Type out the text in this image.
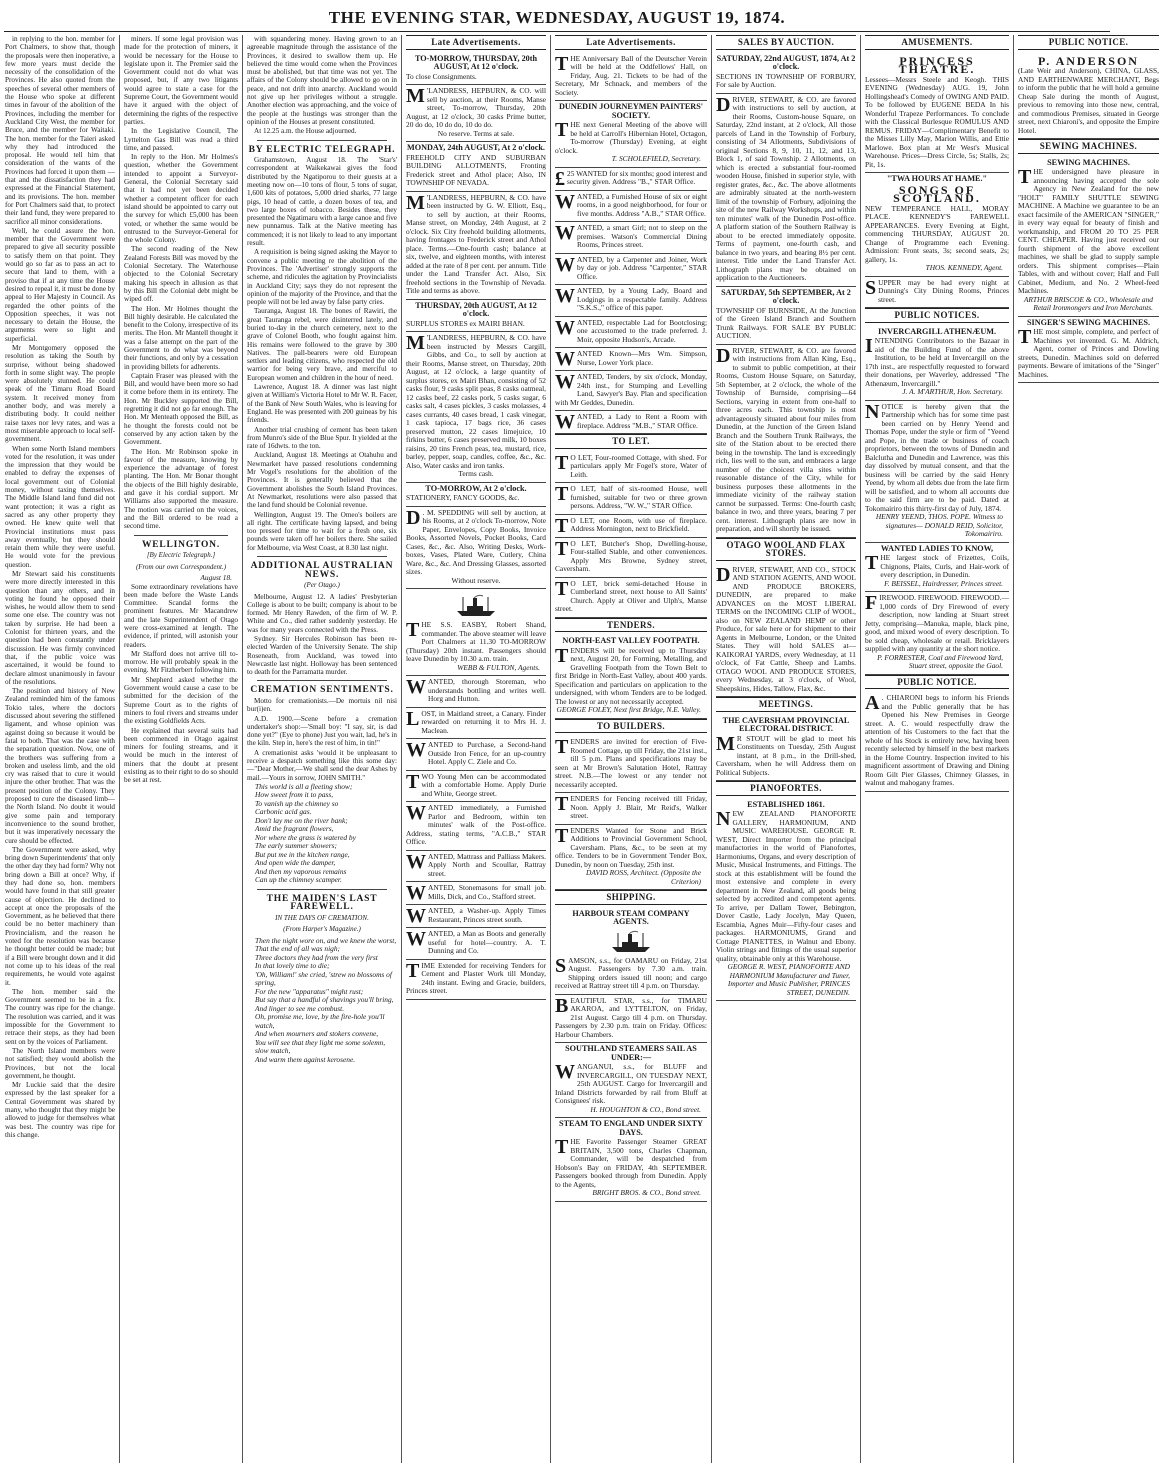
THE EVENING STAR, WEDNESDAY, AUGUST 19, 1874.

in replying to the hon. member for Port Chalmers, to show that, though the proposals were then inoperative, a few more years must decide the necessity of the consolidation of the Provinces. He also quoted from the speeches of several other members of the House who spoke at different times in favour of the abolition of the Provinces, including the member for Auckland City West, the member for Bruce, and the member for Waitaki. The hon. member for the Taieri asked why they had introduced the proposal. He would tell him that consideration of the wants of the Provinces had forced it upon them — that and the dissatisfaction they had expressed at the Financial Statement, and its provisions. The hon. member for Port Chalmers said that, to protect their land fund, they were prepared to sacrifice all minor considerations.

Well, he could assure the hon. member that the Government were prepared to give all security possible to satisfy them on that point. They would go so far as to pass an act to secure that land to them, with a proviso that if at any time the House desired to repeal it, it must be done by appeal to Her Majesty in Council. As regarded the other points of the Opposition speeches, it was not necessary to detain the House, the arguments were so light and superficial.

Mr Montgomery opposed the resolution as taking the South by surprise, without being shadowed forth in some slight way. The people were absolutely stunned. He could speak of the Timaru Road Board system. It received money from another body, and was merely a distributing body. It could neither raise taxes nor levy rates, and was a most miserable approach to local self-government.

When some North Island members voted for the resolution, it was under the impression that they would be enabled to defray the expenses of local government out of Colonial money, without taxing themselves. The Middle Island land fund did not want protection; it was a right as sacred as any other property they owned. He knew quite well that Provincial institutions must pass away eventually, but they should retain them while they were useful. He would vote for the previous question.

Mr Stewart said his constituents were more directly interested in this question than any others, and in voting he found he opposed their wishes, he would allow them to send some one else. The country was not taken by surprise. He had been a Colonist for thirteen years, and the question had been constantly under discussion. He was firmly convinced that, if the public voice was ascertained, it would be found to declare almost unanimously in favour of the resolutions.

The position and history of New Zealand reminded him of the famous Tokio tales, where the doctors discussed about severing the stiffened ligament, and whose opinion was against doing so because it would be fatal to both. That was the case with the separation question. Now, one of the brothers was suffering from a broken and useless limb, and the old cry was raised that to cure it would injure the other brother. That was the present position of the Colony. They proposed to cure the diseased limb—the North Island. No doubt it would give some pain and temporary inconvenience to the sound brother, but it was imperatively necessary the cure should be effected.

The Government were asked, why bring down Superintendents' that only the other day they had form? Why not bring down a Bill at once? Why, if they had done so, hon. members would have found in that still greater cause of objection. He declined to accept at once the proposals of the Government, as he believed that there could be no better machinery than Provincialism, and the reason he voted for the resolution was because he thought better could be made; but if a Bill were brought down and it did not come up to his ideas of the real requirements, he would vote against it.

The hon. member said the Government seemed to be in a fix. The country was ripe for the change. The resolution was carried, and it was impossible for the Government to retrace their steps, as they had been sent on by the voices of Parliament.

The North Island members were not satisfied; they would abolish the Provinces, but not the local government, he thought.

Mr Luckie said that the desire expressed by the last speaker for a Central Government was shared by many, who thought that they might be allowed to judge for themselves what was best. The country was ripe for this change.

miners. If some legal provision was made for the protection of miners, it would be necessary for the House to legislate upon it. The Premier said the Government could not do what was proposed, but, if any two litigants would agree to state a case for the Supreme Court, the Government would have it argued with the object of determining the rights of the respective parties.

In the Legislative Council, The Lyttelton Gas Bill was read a third time, and passed.

In reply to the Hon. Mr Holmes's question, whether the Government intended to appoint a Surveyor-General, the Colonial Secretary said that it had not yet been decided whether a competent officer for each island should be appointed to carry out the survey for which £5,000 has been voted, or whether the same would be entrusted to the Surveyor-General for the whole Colony.

The second reading of the New Zealand Forests Bill was moved by the Colonial Secretary. The Waterhouse objected to the Colonial Secretary making his speech in allusion as that by this Bill the Colonial debt might be wiped off.

The Hon. Mr Holmes thought the Bill highly desirable. He calculated the benefit to the Colony, irrespective of its merits. The Hon. Mr Mantell thought it was a false attempt on the part of the Government to do what was beyond their functions, and only by a cessation in providing billets for adherents.

Captain Fraser was pleased with the Bill, and would have been more so had it come before them in its entirety. The Hon. Mr Buckley supported the Bill, regretting it did not go far enough. The Hon. Mr Menteath opposed the Bill, as he thought the forests could not be conserved by any action taken by the Government.

The Hon. Mr Robinson spoke in favour of the measure, knowing by experience the advantage of forest planting. The Hon. Mr Bonar thought the objects of the Bill highly desirable, and gave it his cordial support. Mr Williams also supported the measure. The motion was carried on the voices, and the Bill ordered to be read a second time.

WELLINGTON.
[By Electric Telegraph.]
(From our own Correspondent.)
August 18.

Some extraordinary revelations have been made before the Waste Lands Committee. Scandal forms the prominent features. Mr Macandrew and the late Superintendent of Otago were cross-examined at length. The evidence, if printed, will astonish your readers.

Mr Stafford does not arrive till to-morrow. He will probably speak in the evening. Mr Fitzherbert following him.

Mr Shepherd asked whether the Government would cause a case to be submitted for the decision of the Supreme Court as to the rights of miners to foul rivers and streams under the existing Goldfields Acts.

He explained that several suits had been commenced in Otago against miners for fouling streams, and it would be much in the interest of miners that the doubt at present existing as to their right to do so should be set at rest.

with squandering money. Having grown to an agreeable magnitude through the assistance of the Provinces, it desired to swallow them up. He believed the time would come when the Provinces must be abolished, but that time was not yet. The affairs of the Colony should be allowed to go on in peace, and not drift into anarchy. Auckland would not give up her privileges without a struggle. Another election was approaching, and the voice of the people at the hustings was stronger than the opinion of the Houses at present constituted.

At 12.25 a.m. the House adjourned.

BY ELECTRIC TELEGRAPH.

Grahamstown, August 18. The 'Star's' correspondent at Waikekawai gives the food distributed by the Ngatiporou to their guests at a meeting now on—10 tons of flour, 5 tons of sugar, 1,600 kits of potatoes, 5,000 dried sharks, 77 large pigs, 10 head of cattle, a dozen boxes of tea, and two large boxes of tobacco. Besides these, they presented the Ngatimaru with a large canoe and five new punnamus. Talk at the Native meeting has commenced; it is not likely to lead to any important result.

A requisition is being signed asking the Mayor to convene a public meeting re the abolition of the Provinces. The 'Advertiser' strongly supports the scheme, and ridicules the agitation by Provincialists in Auckland City; says they do not represent the opinion of the majority of the Province, and that the people will not be led away by false party cries.

Tauranga, August 18. The bones of Rawiri, the great Tauranga rebel, were disinterred lately, and buried to-day in the church cemetery, next to the grave of Colonel Booth, who fought against him. His remains were followed to the grave by 300 Natives. The pall-bearers were old European settlers and leading citizens, who respected the old warrior for being very brave, and merciful to European women and children in the hour of need.

Lawrence, August 18. A dinner was last night given at William's Victoria Hotel to Mr W. R. Facer, of the Bank of New South Wales, who is leaving for England. He was presented with 200 guineas by his friends.

Another trial crushing of cement has been taken from Munro's side of the Blue Spur. It yielded at the rate of 16dwts. to the ton.

Auckland, August 18. Meetings at Otahuhu and Newmarket have passed resolutions condemning Mr Vogel's resolutions for the abolition of the Provinces. It is generally believed that the Government abolishes the South Island Provinces. At Newmarket, resolutions were also passed that the land fund should be Colonial revenue.

Wellington, August 19. The Omeo's boilers are all right. The certificate having lapsed, and being too pressed for time to wait for a fresh one, six pounds were taken off her boilers there. She sailed for Melbourne, via West Coast, at 8.30 last night.

ADDITIONAL AUSTRALIAN NEWS.
(Per Otago.)

Melbourne, August 12. A ladies' Presbyterian College is about to be built; company is about to be formed. Mr Henry Rawden, of the firm of W. P. White and Co., died rather suddenly yesterday. He was for many years connected with the Press.

Sydney. Sir Hercules Robinson has been re-elected Warden of the University Senate. The ship Roseneath, from Auckland, was towed into Newcastle last night. Holloway has been sentenced to death for the Parramatta murder.

CREMATION SENTIMENTS.

Motto for cremationists.—De mortuis nil nisi bur(i)en.

A.D. 1900.—Scene before a cremation undertaker's shop:—'Small boy: "I say, sir, is dad done yet?" (Eye to phone) Just you wait, lad, he's in the kiln. Step in, here's the rest of him, in tin!"

A cremationist asks 'would it be unpleasant to receive a despatch something like this some day:—"Dear Mother,—We shall send the dear Ashes by mail.—Yours in sorrow, JOHN SMITH."

This world is all a fleeting show;

How sweet from it to pass,

To vanish up the chimney so

Carbonic acid gas.

Don't lay me on the river bank;

Amid the fragrant flowers,

Nor where the grass is watered by

The early summer showers;

But put me in the kitchen range,

And open wide the damper,

And then my vaporous remains

Can up the chimney scamper.

THE MAIDEN'S LAST FAREWELL.
IN THE DAYS OF CREMATION.
(From Harper's Magazine.)

Then the night wore on, and we knew the worst,

That the end of all was nigh;

Three doctors they had from the very first

In that lovely time to die;

'Oh, William!' she cried, 'strew no blossoms of spring,

For the new "apparatus" might rust;

But say that a handful of shavings you'll bring,

And linger to see me combust.

Oh, promise me, love, by the fire-hole you'll watch,

And when mourners and stokers convene,

You will see that they light me some solemn, slow match,

And warm them against kerosene.

Late Advertisements.
TO-MORROW, THURSDAY, 20th AUGUST, At 12 o'clock.
To close Consignments.
M 'LANDRESS, HEPBURN, & CO. will sell by auction, at their Rooms, Manse street, To-morrow, Thursday, 20th August, at 12 o'clock, 30 casks Prime butter, 20 do do, 10 do do, 10 do do.
No reserve. Terms at sale.
MONDAY, 24th AUGUST, At 2 o'clock.
FREEHOLD CITY AND SUBURBAN BUILDING ALLOTMENTS, Fronting Frederick street and Athol place; Also, IN TOWNSHIP OF NEVADA.
M 'LANDRESS, HEPBURN, & CO. have been instructed by G. W. Elliott, Esq., to sell by auction, at their Rooms, Manse street, on Monday, 24th August, at 2 o'clock. Six City freehold building allotments, having frontages to Frederick street and Athol place. Terms.—One-fourth cash; balance at six, twelve, and eighteen months, with interest added at the rate of 8 per cent. per annum. Title under the Land Transfer Act. Also, Six freehold sections in the Township of Nevada. Title and terms as above.
THURSDAY, 20th AUGUST, At 12 o'clock.
SURPLUS STORES ex MAIRI BHAN.
M 'LANDRESS, HEPBURN, & CO. have been instructed by Messrs Cargill, Gibbs, and Co., to sell by auction at their Rooms, Manse street, on Thursday, 20th August, at 12 o'clock, a large quantity of surplus stores, ex Mairi Bhan, consisting of 52 casks flour, 9 casks split peas, 8 casks oatmeal, 12 casks beef, 22 casks pork, 5 casks sugar, 6 casks salt, 4 cases pickles, 3 casks molasses, 4 cases currants, 40 cases bread, 1 cask vinegar, 1 cask tapioca, 17 bags rice, 36 cases preserved mutton, 22 cases limejuice, 10 firkins butter, 6 cases preserved milk, 10 boxes raisins, 20 tins French peas, tea, mustard, rice, barley, pepper, soap, candles, coffee, &c., &c. Also, Water casks and iron tanks.
Terms cash.
TO-MORROW, At 2 o'clock.
STATIONERY, FANCY GOODS, &c.
D . M. SPEDDING will sell by auction, at his Rooms, at 2 o'clock To-morrow, Note Paper, Envelopes, Copy Books, Invoice Books, Assorted Novels, Pocket Books, Card Cases, &c., &c. Also, Writing Desks, Work-boxes, Vases, Plated Ware, Cutlery, China Ware, &c., &c. And Dressing Glasses, assorted sizes.
Without reserve.
THE S.S. EASBY, Robert Shand, commander. The above steamer will leave Port Chalmers at 11.30 TO-MORROW (Thursday) 20th instant. Passengers should leave Dunedin by 10.30 a.m. train.
WEBB & FULTON, Agents.
WANTED, thorough Storeman, who understands bottling and writes well. Horg and Hutton.
LOST, in Maitland street, a Canary. Finder rewarded on returning it to Mrs H. J. Maclean.
WANTED to Purchase, a Second-hand Outside Iron Fence, for an up-country Hotel. Apply C. Ziele and Co.
TWO Young Men can be accommodated with a comfortable Home. Apply Durie and White, George street.
WANTED immediately, a Furnished Parlor and Bedroom, within ten minutes' walk of the Post-office. Address, stating terms, "A.C.B.," STAR Office.
WANTED, Mattrass and Palliass Makers. Apply North and Scoullar, Rattray street.
WANTED, Stonemasons for small job. Mills, Dick, and Co., Stafford street.
WANTED, a Washer-up. Apply Times Restaurant, Princes street south.
WANTED, a Man as Boots and generally useful for hotel—country. A. T. Dunning and Co.
TIME Extended for receiving Tenders for Cement and Plaster Work till Monday, 24th instant. Ewing and Gracie, builders, Princes street.
Late Advertisements.
THE Anniversary Ball of the Deutscher Verein will be held at the Oddfellows' Hall, on Friday, Aug. 21. Tickets to be had of the Secretary, Mr Schnack, and members of the Society.
DUNEDIN JOURNEYMEN PAINTERS' SOCIETY.
THE next General Meeting of the above will be held at Carroll's Hibernian Hotel, Octagon, To-morrow (Thursday) Evening, at eight o'clock.
T. SCHOLEFIELD, Secretary.
£ 25 WANTED for six months; good interest and security given. Address "B.," STAR Office.
WANTED, a Furnished House of six or eight rooms, in a good neighborhood, for four or five months. Address "A.B.," STAR Office.
WANTED, a smart Girl; not to sleep on the premises. Watson's Commercial Dining Rooms, Princes street.
WANTED, by a Carpenter and Joiner, Work by day or job. Address "Carpenter," STAR Office.
WANTED, by a Young Lady, Board and Lodgings in a respectable family. Address "S.K.S.," office of this paper.
WANTED, respectable Lad for Bootclosing; one accustomed to the trade preferred. J. Moir, opposite Hudson's, Arcade.
WANTED Known—Mrs Wm. Simpson, Nurse, Lower York place.
WANTED, Tenders, by six o'clock, Monday, 24th inst., for Stumping and Levelling Land, Sawyer's Bay. Plan and specification with Mr Geddes, Dunedin.
WANTED, a Lady to Rent a Room with fireplace. Address "M.B.," STAR Office.
TO LET.
T O LET, Four-roomed Cottage, with shed. For particulars apply Mr Fogel's store, Water of Leith.
T O LET, half of six-roomed House, well furnished, suitable for two or three grown persons. Address, "W. W.," STAR Office.
T O LET, one Room, with use of fireplace. Address Mornington, next to Brickfield.
T O LET, Butcher's Shop, Dwelling-house, Four-stalled Stable, and other conveniences. Apply Mrs Browne, Sydney street, Caversham.
T O LET, brick semi-detached House in Cumberland street, next house to All Saints' Church. Apply at Oliver and Ulph's, Manse street.
TENDERS.
NORTH-EAST VALLEY FOOTPATH.
TENDERS will be received up to Thursday next, August 20, for Forming, Metalling, and Gravelling Footpath from the Town Belt to first Bridge in North-East Valley, about 400 yards. Specification and particulars on application to the undersigned, with whom Tenders are to be lodged. The lowest or any not necessarily accepted.
GEORGE FOLEY, Next first Bridge, N.E. Valley.
TO BUILDERS.
TENDERS are invited for erection of Five-Roomed Cottage, up till Friday, the 21st inst., till 5 p.m. Plans and specifications may be seen at Mr Brown's Salutation Hotel, Rattray street. N.B.—The lowest or any tender not necessarily accepted.
TENDERS for Fencing received till Friday, Noon. Apply J. Blair, Mr Reid's, Walker street.
TENDERS Wanted for Stone and Brick Additions to Provincial Government School, Caversham. Plans, &c., to be seen at my office. Tenders to be in Government Tender Box, Dunedin, by noon on Tuesday, 25th inst.
DAVID ROSS, Architect. (Opposite the Criterion)
SHIPPING.
HARBOUR STEAM COMPANY AGENTS.
SAMSON, s.s., for OAMARU on Friday, 21st August. Passengers by 7.30 a.m. train. Shipping orders issued till noon; and cargo received at Rattray street till 4 p.m. on Thursday.
BEAUTIFUL STAR, s.s., for TIMARU AKAROA, and LYTTELTON, on Friday, 21st August. Cargo till 4 p.m. on Thursday. Passengers by 2.30 p.m. train on Friday. Offices: Harbour Chambers.
SOUTHLAND STEAMERS SAIL AS UNDER:—
WANGANUI, s.s., for BLUFF and INVERCARGILL, ON TUESDAY NEXT, 25th AUGUST. Cargo for Invercargill and Inland Districts forwarded by rail from Bluff at Consignees' risk.
H. HOUGHTON & CO., Bond street.
STEAM TO ENGLAND UNDER SIXTY DAYS.
THE Favorite Passenger Steamer GREAT BRITAIN, 3,500 tons, Charles Chapman, Commander, will be despatched from Hobson's Bay on FRIDAY, 4th SEPTEMBER. Passengers booked through from Dunedin. Apply to the Agents,
BRIGHT BROS. & CO., Bond street.
SALES BY AUCTION.
SATURDAY, 22nd AUGUST, 1874, At 2 o'clock.
SECTIONS IN TOWNSHIP OF FORBURY, For sale by Auction.
DRIVER, STEWART, & CO. are favored with instructions to sell by auction, at their Rooms, Custom-house Square, on Saturday, 22nd instant, at 2 o'clock, All those parcels of Land in the Township of Forbury, consisting of 34 Allotments, Subdivisions of original Sections 8, 9, 10, 11, 12, and 13, Block 1, of said Township. 2 Allotments, on which is erected a substantial four-roomed wooden House, finished in superior style, with register grates, &c., &c. The above allotments are admirably situated at the north-western limit of the township of Forbury, adjoining the site of the new Railway Workshops, and within ten minutes' walk of the Dunedin Post-office. A platform station of the Southern Railway is about to be erected immediately opposite. Terms of payment, one-fourth cash, and balance in two years, and bearing 8½ per cent. interest. Title under the Land Transfer Act. Lithograph plans may be obtained on application to the Auctioneers.
SATURDAY, 5th SEPTEMBER, At 2 o'clock.
TOWNSHIP OF BURNSIDE, At the Junction of the Green Island Branch and Southern Trunk Railways. FOR SALE BY PUBLIC AUCTION.
DRIVER, STEWART, & CO. are favored with instructions from Allan King, Esq., to submit to public competition, at their Rooms, Custom House Square, on Saturday, 5th September, at 2 o'clock, the whole of the Township of Burnside, comprising—64 Sections, varying in extent from one-half to three acres each. This township is most advantageously situated about four miles from Dunedin, at the Junction of the Green Island Branch and the Southern Trunk Railways, the site of the Station about to be erected there being in the township. The land is exceedingly rich, lies well to the sun, and embraces a large number of the choicest villa sites within reasonable distance of the City, while for business purposes these allotments in the immediate vicinity of the railway station cannot be surpassed. Terms: One-fourth cash; balance in two, and three years, bearing 7 per cent. interest. Lithograph plans are now in preparation, and will shortly be issued.
OTAGO WOOL AND FLAX STORES.
DRIVER, STEWART, AND CO., STOCK AND STATION AGENTS, AND WOOL AND PRODUCE BROKERS, DUNEDIN, are prepared to make ADVANCES on the MOST LIBERAL TERMS on the INCOMING CLIP of WOOL, also on NEW ZEALAND HEMP or other Produce, for sale here or for shipment to their Agents in Melbourne, London, or the United States. They will hold SALES at— KAIKORAI YARDS, every Wednesday, at 11 o'clock, of Fat Cattle, Sheep and Lambs. OTAGO WOOL AND PRODUCE STORES, every Wednesday, at 3 o'clock, of Wool, Sheepskins, Hides, Tallow, Flax, &c.
MEETINGS.
THE CAVERSHAM PROVINCIAL ELECTORAL DISTRICT.
M R STOUT will be glad to meet his Constituents on Tuesday, 25th August instant, at 8 p.m., in the Drill-shed, Caversham, when he will Address them on Political Subjects.
PIANOFORTES.
ESTABLISHED 1861.
NEW ZEALAND PIANOFORTE GALLERY, HARMONIUM, AND MUSIC WAREHOUSE. GEORGE R. WEST, Direct Importer from the principal manufactories in the world of Pianofortes, Harmoniums, Organs, and every description of Music, Musical Instruments, and Fittings. The stock at this establishment will be found the most extensive and complete in every department in New Zealand, all goods being selected by accredited and competent agents. To arrive, per Dallam Tower, Bebington, Dover Castle, Lady Jocelyn, May Queen, Escambia, Agnes Muir—Fifty-four cases and packages. HARMONIUMS, Grand and Cottage PIANETTES, in Walnut and Ebony. Violin strings and fittings of the usual superior quality, obtainable only at this Warehouse.
GEORGE R. WEST, PIANOFORTE AND HARMONIUM Manufacturer and Tuner, Importer and Music Publisher, PRINCES STREET, DUNEDIN.
AMUSEMENTS.
PRINCESS THEATRE.
Lessees—Messrs Steele and Keogh. THIS EVENING (Wednesday) AUG. 19, John Hollingshead's Comedy of OWING AND PAID. To be followed by EUGENE BEDA In his Wonderful Trapeze Performances. To conclude with the Classical Burlesque ROMULUS AND REMUS. FRIDAY—Complimentary Benefit to the Misses Lilly May, Marion Willis, and Ettie Marlowe. Box plan at Mr West's Musical Warehouse. Prices—Dress Circle, 5s; Stalls, 2s; Pit, 1s.
"TWA HOURS AT HAME."
SONGS OF SCOTLAND.
NEW TEMPERANCE HALL, MORAY PLACE. KENNEDY'S FAREWELL APPEARANCES. Every Evening at Eight, commencing THURSDAY, AUGUST 20. Change of Programme each Evening. Admission: Front seats, 3s; second seats, 2s; gallery, 1s.
THOS. KENNEDY, Agent.
SUPPER may be had every night at Dunning's City Dining Rooms, Princes street.
PUBLIC NOTICES.
INVERCARGILL ATHENÆUM.
INTENDING Contributors to the Bazaar in aid of the Building Fund of the above Institution, to be held at Invercargill on the 17th inst., are respectfully requested to forward their donations, per Waverley, addressed "The Athenæum, Invercargill."
J. A. M'ARTHUR, Hon. Secretary.
NOTICE is hereby given that the Partnership which has for some time past been carried on by Henry Yeend and Thomas Pope, under the style or firm of "Yeend and Pope, in the trade or business of coach proprietors, between the towns of Dunedin and Balclutha and Dunedin and Lawrence, was this day dissolved by mutual consent, and that the business will be carried by the said Henry Yeend, by whom all debts due from the late firm will be satisfied, and to whom all accounts due to the said firm are to be paid. Dated at Tokomairiro this thirty-first day of July, 1874.
HENRY YEEND, THOS. POPE. Witness to signatures— DONALD REID, Solicitor, Tokomairiro.
WANTED LADIES TO KNOW,
THE largest stock of Frizettes, Coils, Chignons, Plaits, Curls, and Hair-work of every description, in Dunedin.
F. BEISSEL, Hairdresser, Princes street.
FIREWOOD. FIREWOOD. FIREWOOD.—1,000 cords of Dry Firewood of every description, now landing at Stuart street Jetty, comprising—Manuka, maple, black pine, good, and mixed wood of every description. To be sold cheap, wholesale or retail. Bricklayers supplied with any quantity at the short notice.
P. FORRESTER, Coal and Firewood Yard, Stuart street, opposite the Gaol.
PUBLIC NOTICE.
A . CHIARONI begs to inform his Friends and the Public generally that he has Opened his New Premises in George street. A. C. would respectfully draw the attention of his Customers to the fact that the whole of his Stock is entirely new, having been recently selected by himself in the best markets in the Home Country. Inspection invited to his magnificent assortment of Drawing and Dining Room Gilt Pier Glasses, Chimney Glasses, in walnut and mahogany frames.
PUBLIC NOTICE.
P. ANDERSON
(Late Weir and Anderson), CHINA, GLASS, AND EARTHENWARE MERCHANT, Begs to inform the public that he will hold a genuine Cheap Sale during the month of August, previous to removing into those new, central, and commodious Premises, situated in George street, next Chiaroni's, and opposite the Empire Hotel.
SEWING MACHINES.
SEWING MACHINES.
THE undersigned have pleasure in announcing having accepted the sole Agency in New Zealand for the new "HOLT" FAMILY SHUTTLE SEWING MACHINE. A Machine we guarantee to be an exact facsimile of the AMERICAN "SINGER," in every way equal for beauty of finish and workmanship, and FROM 20 TO 25 PER CENT. CHEAPER. Having just received our fourth shipment of the above excellent machines, we shall be glad to supply sample orders. This shipment comprises—Plain Tables, with and without cover; Half and Full Cabinet, Medium, and No. 2 Wheel-feed Machines.
ARTHUR BRISCOE & CO., Wholesale and Retail Ironmongers and Iron Merchants.
SINGER'S SEWING MACHINES.
THE most simple, complete, and perfect of Machines yet invented. G. M. Aldrich, Agent, corner of Princes and Dowling streets, Dunedin. Machines sold on deferred payments. Beware of imitations of the "Singer" Machines.
